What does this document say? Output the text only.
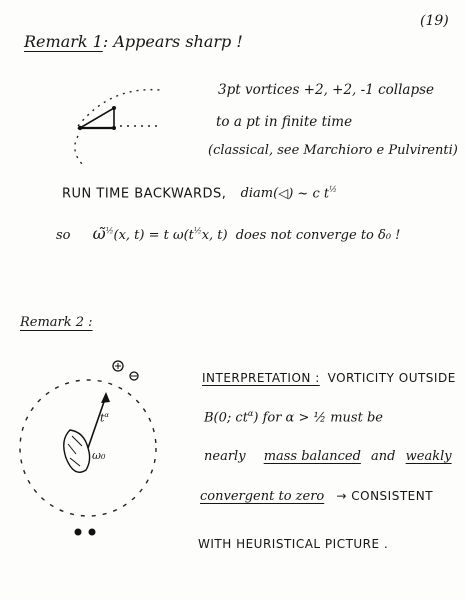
(19)
Remark 1: Appears sharp !
3pt vortices +2, +2, -1 collapse
to a pt in finite time
(classical, see Marchioro e Pulvirenti)
RUN TIME BACKWARDS, diam(◁) ~ c $t^{\frac{1}{2}}$
so ω̃$^{\frac{1}{2}}$(x, t) = t $\omega(t^{\frac{1}{2}}x$, t) does not converge to δ₀ !
Remark 2 :
$t^\alpha$
ω₀
INTERPRETATION : VORTICITY OUTSIDE
B(0; $ct^\alpha$) for α > ½ must be
nearly mass balanced and weakly
convergent to zero → CONSISTENT
WITH HEURISTICAL PICTURE .
